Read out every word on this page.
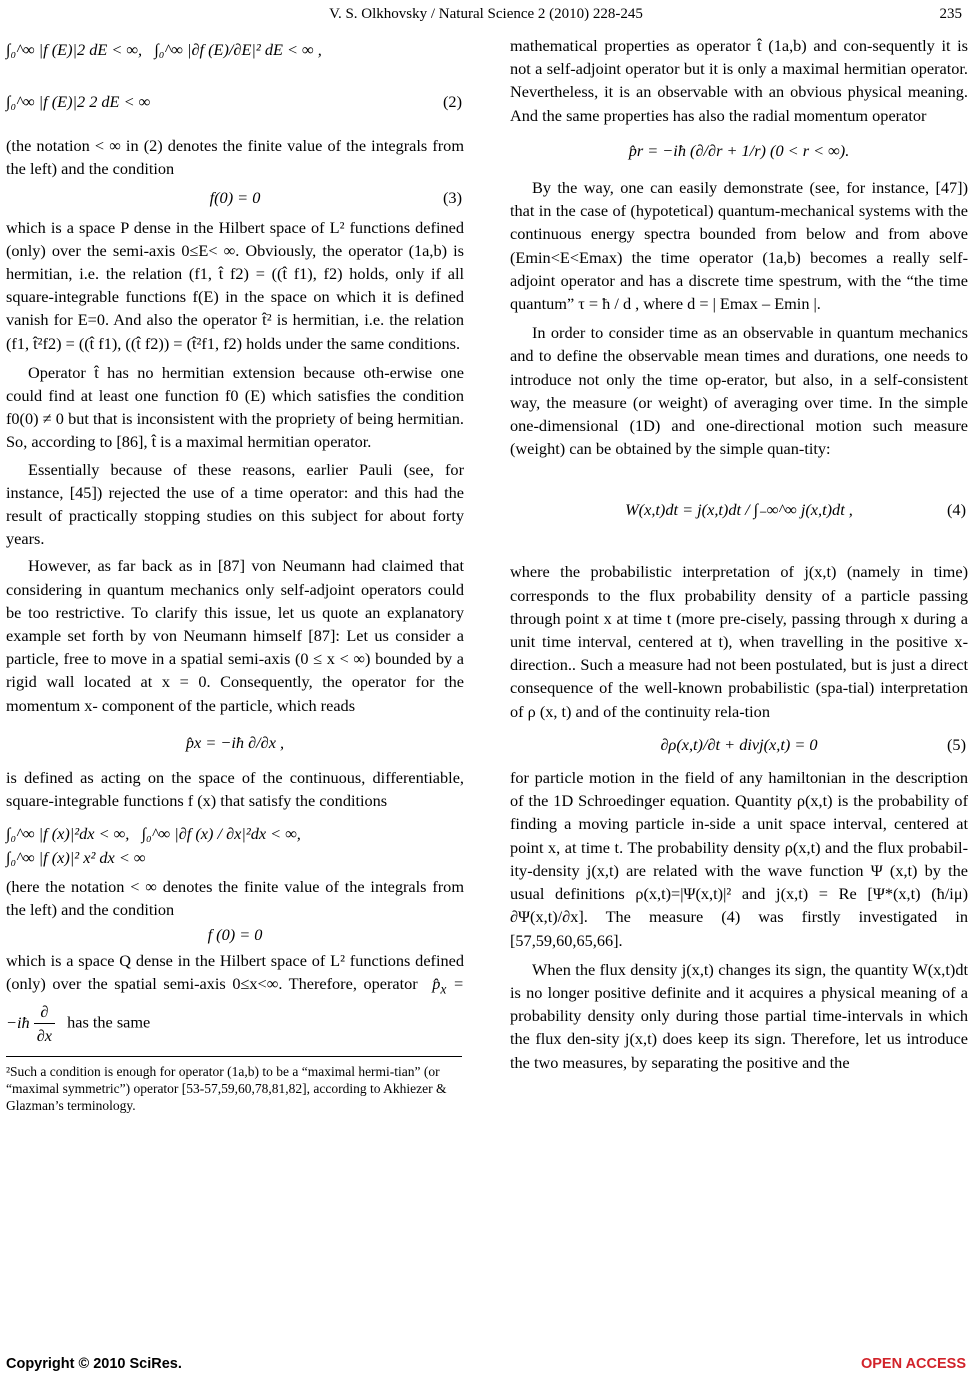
V. S. Olkhovsky / Natural Science 2 (2010) 228-245	235
∫₀^∞ |f (E)|2 dE < ∞,   ∫₀^∞ |∂f (E)/∂E|² dE < ∞ ,
∫₀^∞ |f (E)|2 2 dE < ∞	(2)

(the notation < ∞ in (2) denotes the finite value of the integrals from the left) and the condition

f(0) = 0	(3)

which is a space P dense in the Hilbert space of L² functions defined (only) over the semi-axis 0≤E< ∞. Obviously, the operator (1a,b) is hermitian, i.e. the relation (f1, t̂ f2) = ((t̂ f1), f2) holds, only if all square-integrable functions f(E) in the space on which it is defined vanish for E=0. And also the operator t̂² is hermitian, i.e. the relation (f1, t̂²f2) = ((t̂ f1), ((t̂ f2)) = (t̂²f1, f2) holds under the same conditions.

Operator t̂ has no hermitian extension because oth-erwise one could find at least one function f0 (E) which satisfies the condition f0(0) ≠ 0 but that is inconsistent with the propriety of being hermitian. So, according to [86], t̂ is a maximal hermitian operator.

Essentially because of these reasons, earlier Pauli (see, for instance, [45]) rejected the use of a time operator: and this had the result of practically stopping studies on this subject for about forty years.

However, as far back as in [87] von Neumann had claimed that considering in quantum mechanics only self-adjoint operators could be too restrictive. To clarify this issue, let us quote an explanatory example set forth by von Neumann himself [87]: Let us consider a particle, free to move in a spatial semi-axis (0 ≤ x < ∞) bounded by a rigid wall located at x = 0. Consequently, the operator for the momentum x- component of the particle, which reads

p̂x = −iħ ∂/∂x ,

is defined as acting on the space of the continuous, differentiable, square-integrable functions f (x) that satisfy the conditions

∫₀^∞ |f (x)|²dx < ∞, ∫₀^∞ |∂f (x) / ∂x|²dx < ∞,
∫₀^∞ |f (x)|² x² dx < ∞

(here the notation < ∞ denotes the finite value of the integrals from the left) and the condition

f (0) = 0

which is a space Q dense in the Hilbert space of L² functions defined (only) over the spatial semi-axis 0≤x<∞. Therefore, operator $p̂_x$ = −iħ $\frac{\partial}{\partial x}$ has the same

²Such a condition is enough for operator (1a,b) to be a “maximal hermi-tian” (or “maximal symmetric”) operator [53-57,59,60,78,81,82], according to Akhiezer & Glazman’s terminology.

mathematical properties as operator t̂ (1a,b) and con-sequently it is not a self-adjoint operator but it is only a maximal hermitian operator. Nevertheless, it is an observable with an obvious physical meaning. And the same properties has also the radial momentum operator

p̂r = −iħ (∂/∂r + 1/r) (0 < r < ∞).

By the way, one can easily demonstrate (see, for instance, [47]) that in the case of (hypotetical) quantum-mechanical systems with the continuous energy spectra bounded from below and from above (Emin<E<Emax) the time operator (1a,b) becomes a really self-adjoint operator and has a discrete time spestrum, with the “the time quantum” τ = ħ / d , where d = | Emax – Emin |.

In order to consider time as an observable in quantum mechanics and to define the observable mean times and durations, one needs to introduce not only the time op-erator, but also, in a self-consistent way, the measure (or weight) of averaging over time. In the simple one-dimensional (1D) and one-directional motion such measure (weight) can be obtained by the simple quan-tity:

W(x,t)dt = j(x,t)dt / ∫₋∞^∞ j(x,t)dt ,	(4)

where the probabilistic interpretation of j(x,t) (namely in time) corresponds to the flux probability density of a particle passing through point x at time t (more pre-cisely, passing through x during a unit time interval, centered at t), when travelling in the positive x-direction.. Such a measure had not been postulated, but is just a direct consequence of the well-known probabilistic (spa-tial) interpretation of ρ (x, t) and of the continuity rela-tion

∂ρ(x,t)/∂t + divj(x,t) = 0	(5)

for particle motion in the field of any hamiltonian in the description of the 1D Schroedinger equation. Quantity ρ(x,t) is the probability of finding a moving particle in-side a unit space interval, centered at point x, at time t. The probability density ρ(x,t) and the flux probabil-ity-density j(x,t) are related with the wave function Ψ (x,t) by the usual definitions ρ(x,t)=|Ψ(x,t)|² and j(x,t) = Re [Ψ*(x,t) (ħ/iμ) ∂Ψ(x,t)/∂x]. The measure (4) was firstly investigated in [57,59,60,65,66].

When the flux density j(x,t) changes its sign, the quantity W(x,t)dt is no longer positive definite and it acquires a physical meaning of a probability density only during those partial time-intervals in which the flux den-sity j(x,t) does keep its sign. Therefore, let us introduce the two measures, by separating the positive and the

Copyright © 2010 SciRes.	OPEN ACCESS
